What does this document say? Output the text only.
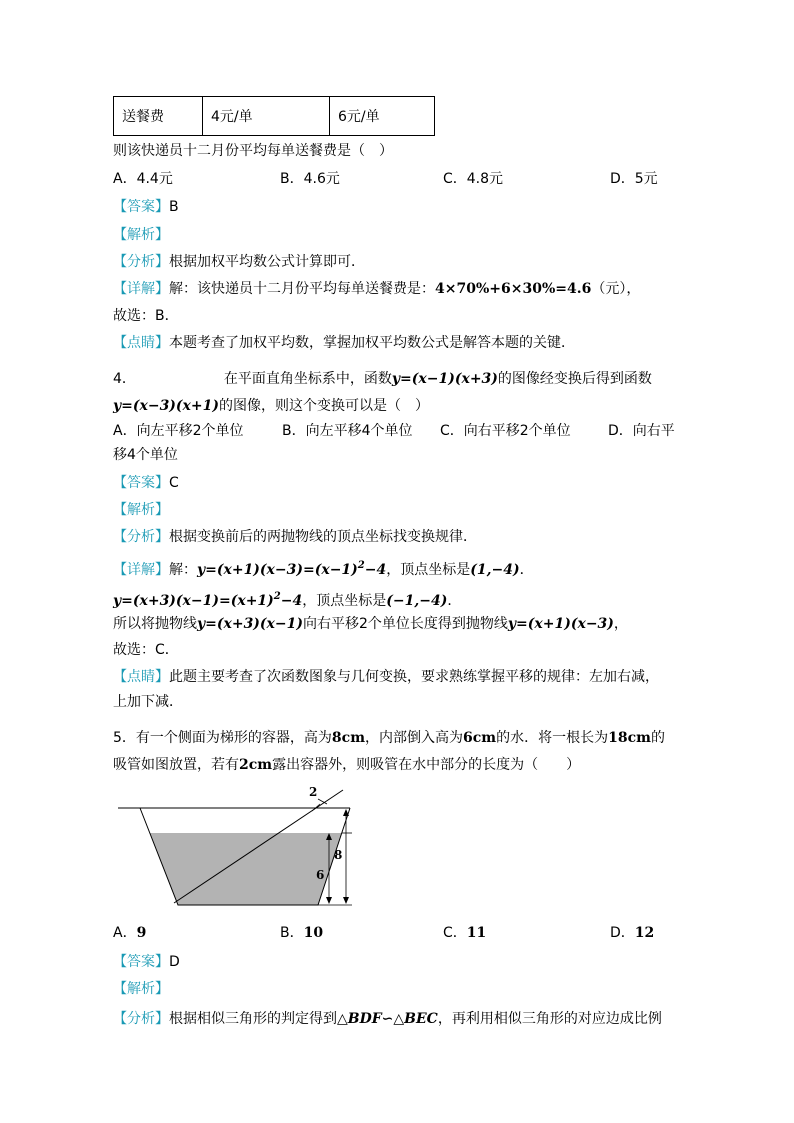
送餐费	4元/单	6元/单
则该快递员十二月份平均每单送餐费是（　）
A．4.4元	B．4.6元	C．4.8元	D．5元
【答案】B
【解析】
【分析】根据加权平均数公式计算即可．
【详解】解：该快递员十二月份平均每单送餐费是：4×70%+6×30%=4.6（元），
故选：B．
【点睛】本题考查了加权平均数，掌握加权平均数公式是解答本题的关键．
4．	在平面直角坐标系中，函数y=(x−1)(x+3)的图像经变换后得到函数
y=(x−3)(x+1)的图像，则这个变换可以是（　）
A．向左平移2个单位	B．向左平移4个单位 C．向右平移2个单位	D．向右平
移4个单位
【答案】C
【解析】
【分析】根据变换前后的两抛物线的顶点坐标找变换规律．
【详解】解：$y=(x+1)(x-3)=(x-1)^2-4$，顶点坐标是(1,−4)．
$y=(x+3)(x-1)=(x+1)^2-4$，顶点坐标是(−1,−4)．
所以将抛物线y=(x+3)(x−1)向右平移2个单位长度得到抛物线y=(x+1)(x−3)，
故选：C．
【点睛】此题主要考查了次函数图象与几何变换，要求熟练掌握平移的规律：左加右减，
上加下减．
5．有一个侧面为梯形的容器，高为8cm，内部倒入高为6cm的水．将一根长为18cm的
吸管如图放置，若有2cm露出容器外，则吸管在水中部分的长度为（　　）
2
8
6
A．9	B．10	C．11	D．12
【答案】D
【解析】
【分析】根据相似三角形的判定得到△BDF∽△BEC，再利用相似三角形的对应边成比例
